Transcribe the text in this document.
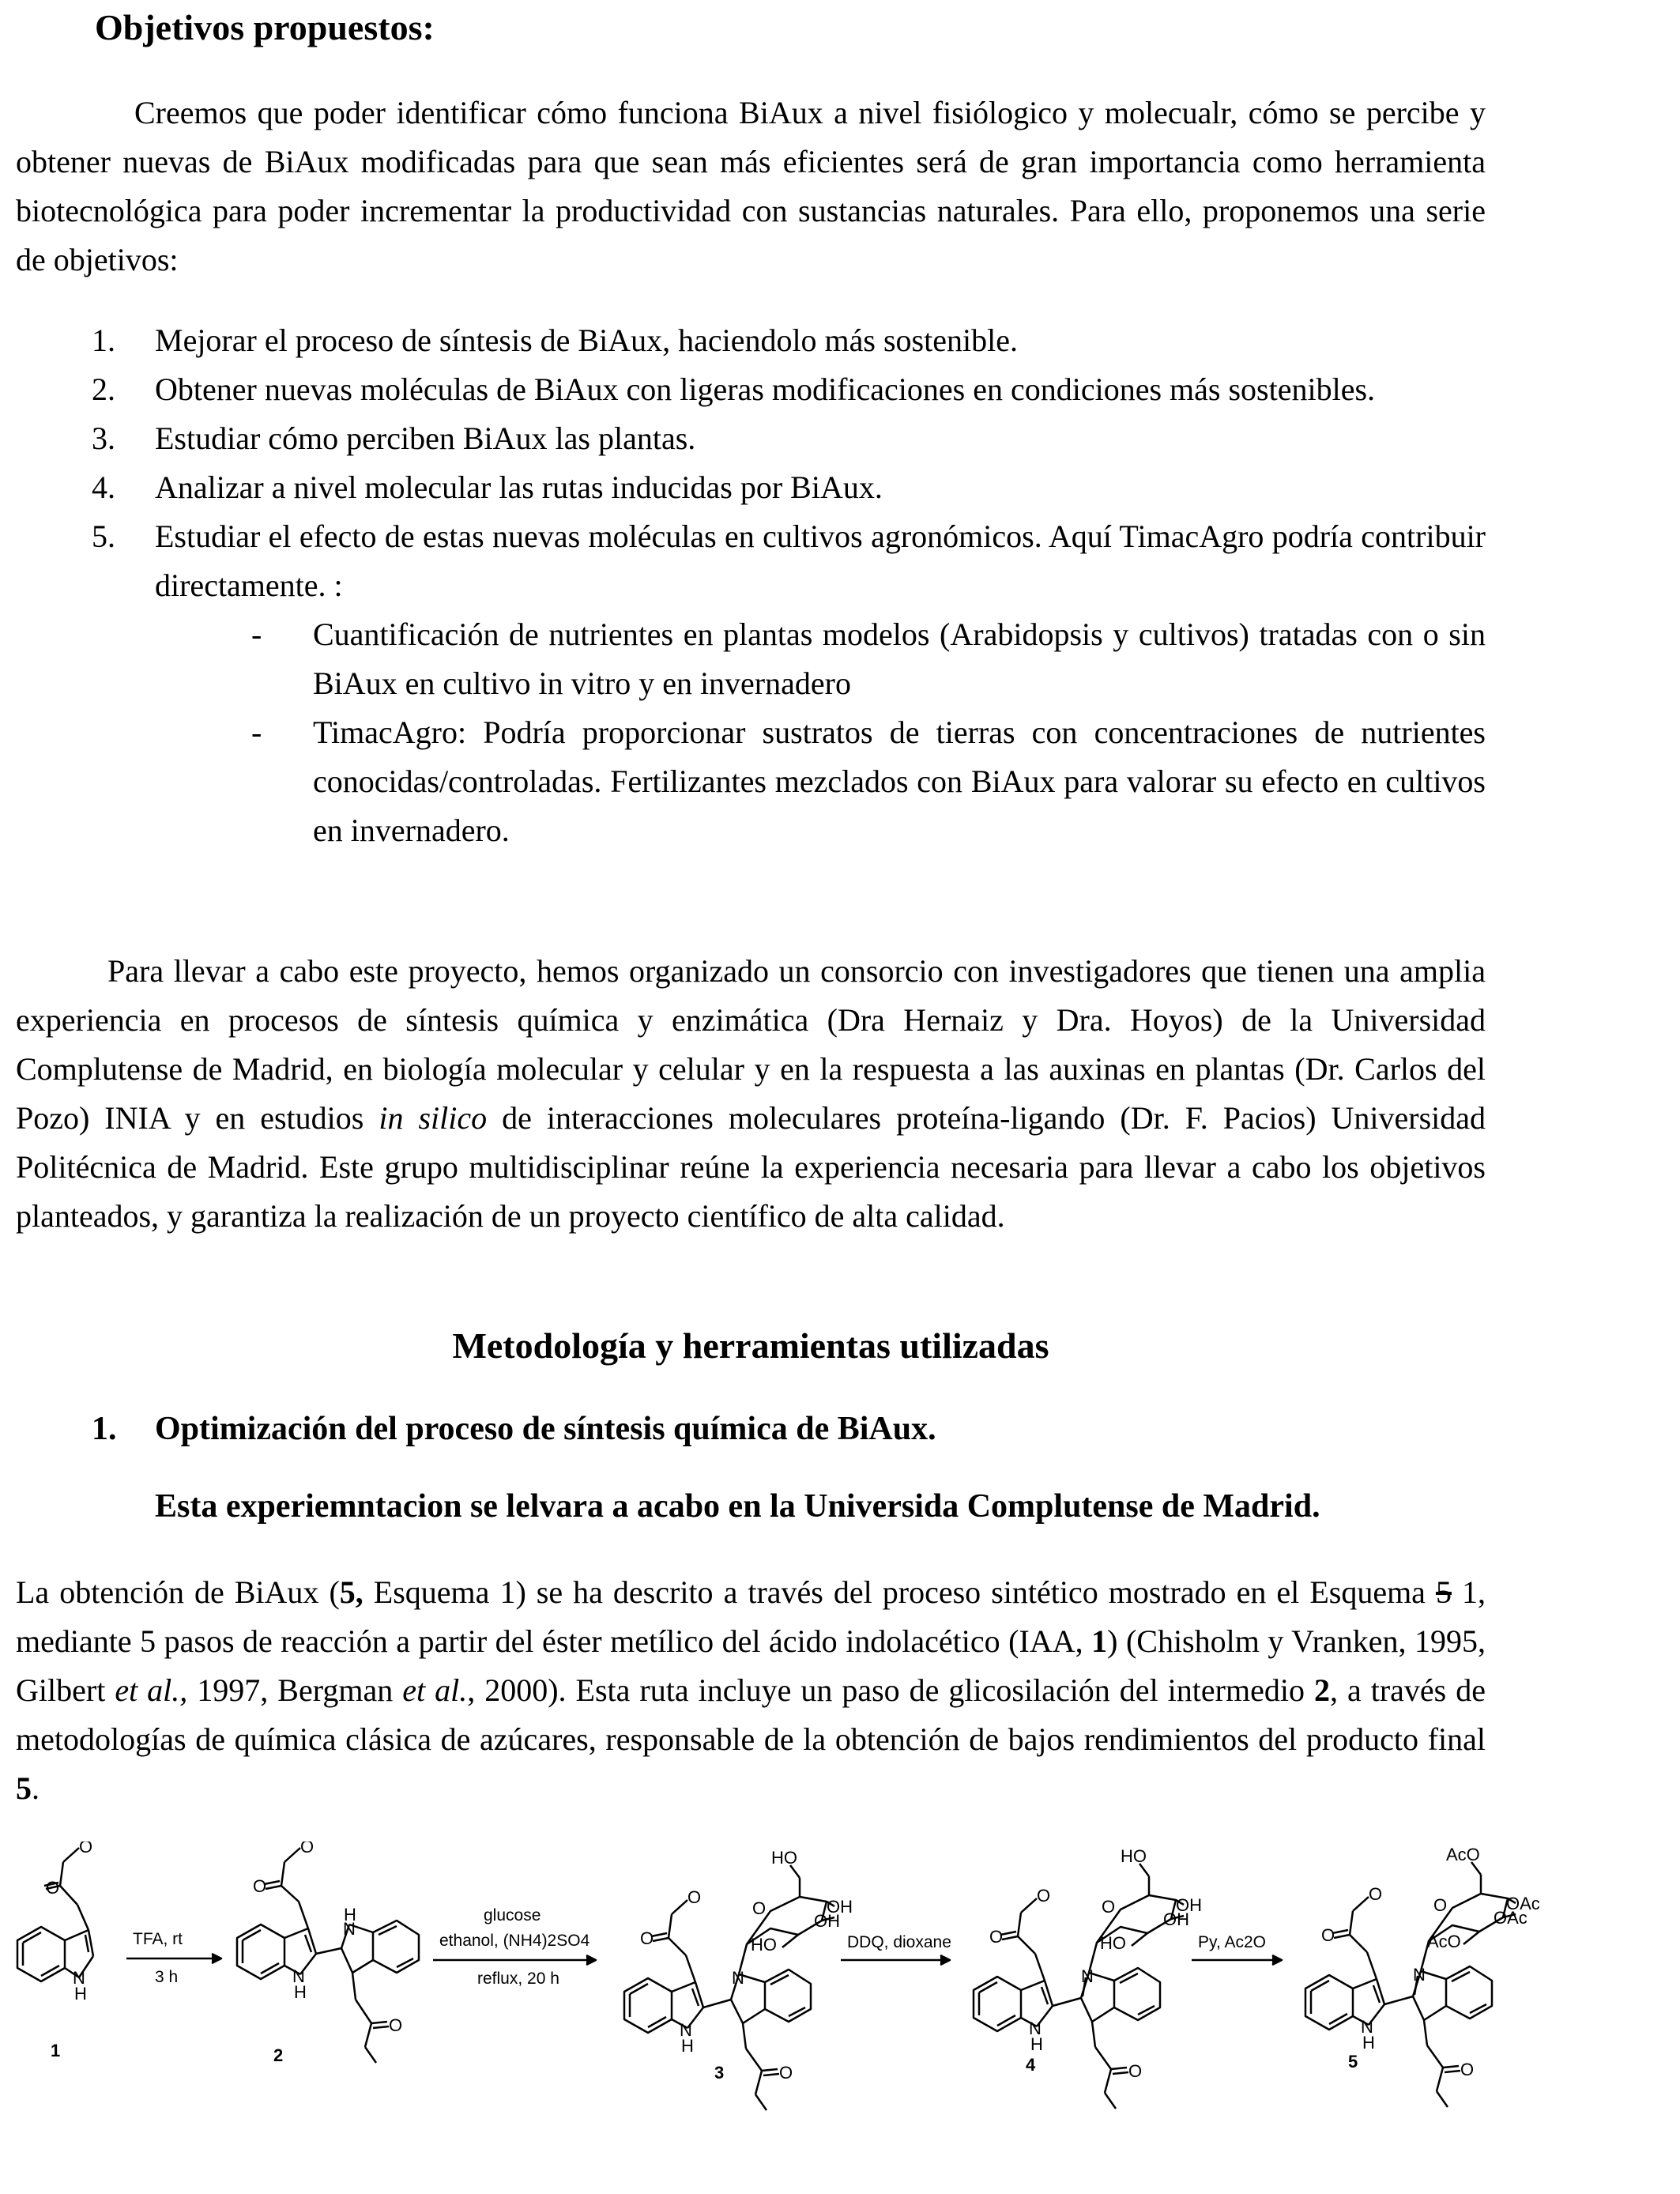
Objetivos propuestos:

Creemos que poder identificar cómo funciona BiAux a nivel fisiólogico y molecualr, cómo se percibe y obtener nuevas de BiAux modificadas para que sean más eficientes será de gran importancia como herramienta biotecnológica para poder incrementar la productividad con sustancias naturales. Para ello, proponemos una serie de objetivos:

1. Mejorar el proceso de síntesis de BiAux, haciendolo más sostenible.
2. Obtener nuevas moléculas de BiAux con ligeras modificaciones en condiciones más sostenibles.
3. Estudiar cómo perciben BiAux las plantas.
4. Analizar a nivel molecular las rutas inducidas por BiAux.
5. Estudiar el efecto de estas nuevas moléculas en cultivos agronómicos. Aquí TimacAgro podría contribuir directamente. :
- Cuantificación de nutrientes en plantas modelos (Arabidopsis y cultivos) tratadas con o sin BiAux en cultivo in vitro y en invernadero
- TimacAgro: Podría proporcionar sustratos de tierras con concentraciones de nutrientes conocidas/controladas. Fertilizantes mezclados con BiAux para valorar su efecto en cultivos en invernadero.

Para llevar a cabo este proyecto, hemos organizado un consorcio con investigadores que tienen una amplia experiencia en procesos de síntesis química y enzimática (Dra Hernaiz y Dra. Hoyos) de la Universidad Complutense de Madrid, en biología molecular y celular y en la respuesta a las auxinas en plantas (Dr. Carlos del Pozo) INIA y en estudios in silico de interacciones moleculares proteína-ligando (Dr. F. Pacios) Universidad Politécnica de Madrid. Este grupo multidisciplinar reúne la experiencia necesaria para llevar a cabo los objetivos planteados, y garantiza la realización de un proyecto científico de alta calidad.

Metodología y herramientas utilizadas
1. Optimización del proceso de síntesis química de BiAux.
Esta experiemntacion se lelvara a acabo en la Universida Complutense de Madrid.

La obtención de BiAux (5, Esquema 1) se ha descrito a través del proceso sintético mostrado en el Esquema 5 1, mediante 5 pasos de reacción a partir del éster metílico del ácido indolacético (IAA, 1) (Chisholm y Vranken, 1995, Gilbert et al., 1997, Bergman et al., 2000). Esta ruta incluye un paso de glicosilación del intermedio 2, a través de metodologías de química clásica de azúcares, responsable de la obtención de bajos rendimientos del producto final 5.

O
O
N
H
O
O
N
H
H
N
O
O
O
N
H
N
O
O
HO
OH
OH
HO	O
O
N
H
N
O
O
HO
OH
OH
HO	O
O
N
H
N
O
O
AcO
OAc
OAc
AcO
TFA, rt
3 h
glucose
ethanol, (NH4)2SO4
reflux, 20 h
DDQ, dioxane	Py, Ac2O
1	2
3	4	5
